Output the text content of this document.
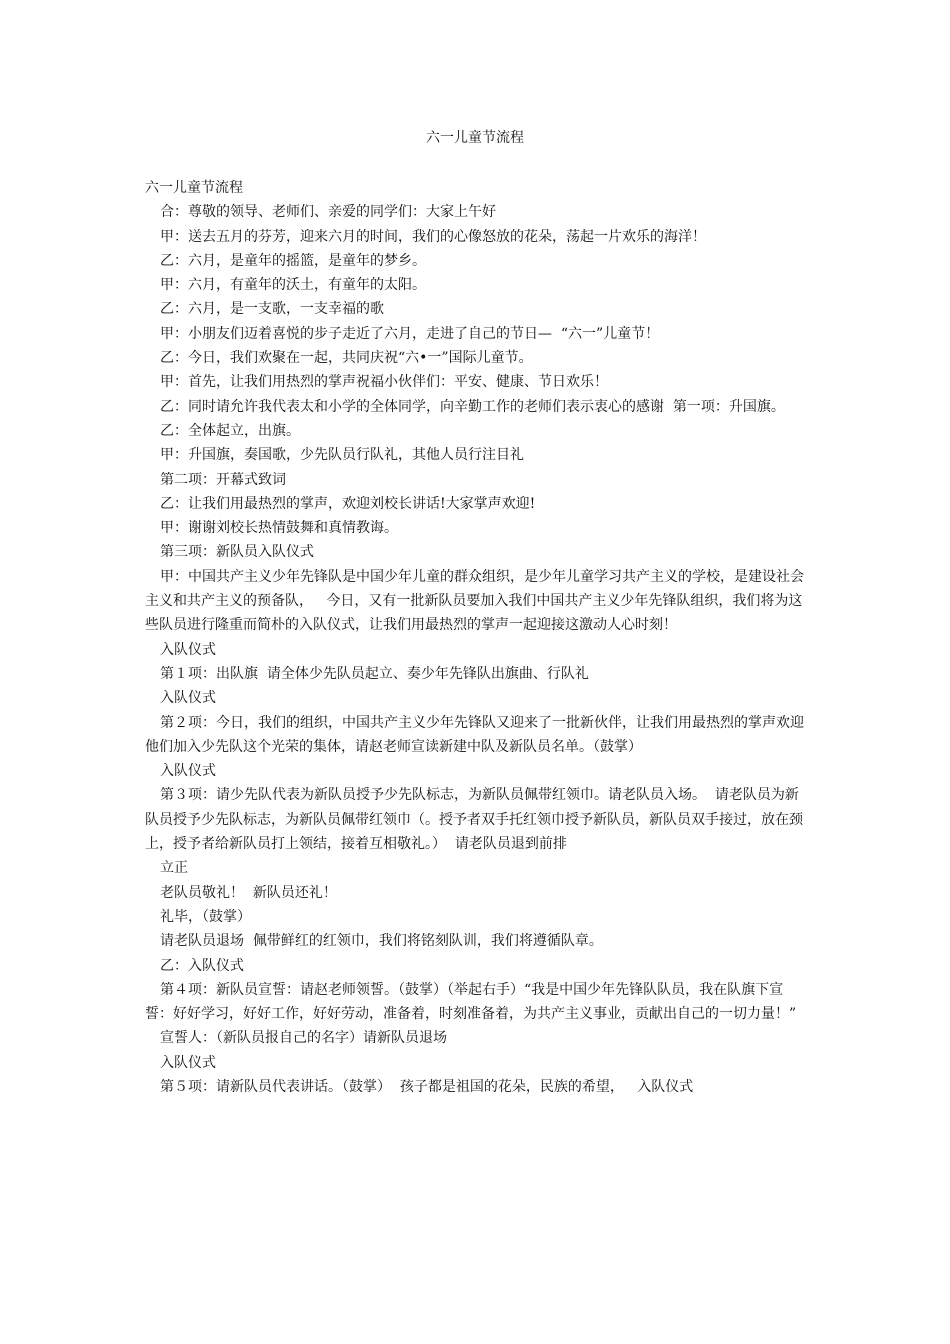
六一儿童节流程

六一儿童节流程

合：尊敬的领导、老师们、亲爱的同学们：大家上午好

甲：送去五月的芬芳，迎来六月的时间，我们的心像怒放的花朵，荡起一片欢乐的海洋！

乙：六月，是童年的摇篮，是童年的梦乡。

甲：六月，有童年的沃土，有童年的太阳。

乙：六月，是一支歌，一支幸福的歌

甲：小朋友们迈着喜悦的步子走近了六月，走进了自己的节日—  “六一”儿童节！

乙：今日，我们欢聚在一起，共同庆祝“六•一”国际儿童节。

甲：首先，让我们用热烈的掌声祝福小伙伴们：平安、健康、节日欢乐！

乙：同时请允许我代表太和小学的全体同学，向辛勤工作的老师们表示衷心的感谢  第一项：升国旗。

乙：全体起立，出旗。

甲：升国旗，奏国歌，少先队员行队礼，其他人员行注目礼

第二项：开幕式致词

乙：让我们用最热烈的掌声，欢迎刘校长讲话!大家掌声欢迎!

甲：谢谢刘校长热情鼓舞和真情教诲。

第三项：新队员入队仪式

甲：中国共产主义少年先锋队是中国少年儿童的群众组织，是少年儿童学习共产主义的学校，是建设社会主义和共产主义的预备队，   今日，又有一批新队员要加入我们中国共产主义少年先锋队组织，我们将为这些队员进行隆重而简朴的入队仪式，让我们用最热烈的掌声一起迎接这激动人心时刻！

入队仪式

第１项：出队旗  请全体少先队员起立、奏少年先锋队出旗曲、行队礼

入队仪式

第２项：今日，我们的组织，中国共产主义少年先锋队又迎来了一批新伙伴，让我们用最热烈的掌声欢迎他们加入少先队这个光荣的集体，请赵老师宣读新建中队及新队员名单。（鼓掌）

入队仪式

第３项：请少先队代表为新队员授予少先队标志，为新队员佩带红领巾。请老队员入场。  请老队员为新队员授予少先队标志，为新队员佩带红领巾（。授予者双手托红领巾授予新队员，新队员双手接过，放在颈上，授予者给新队员打上领结，接着互相敬礼。）  请老队员退到前排

立正

老队员敬礼！  新队员还礼！

礼毕，（鼓掌）

请老队员退场  佩带鲜红的红领巾，我们将铭刻队训，我们将遵循队章。

乙：入队仪式

第４项：新队员宣誓：请赵老师领誓。（鼓掌）（举起右手）“我是中国少年先锋队队员，我在队旗下宣誓：好好学习，好好工作，好好劳动，准备着，时刻准备着，为共产主义事业，贡献出自己的一切力量！”

宣誓人：（新队员报自己的名字）请新队员退场

入队仪式

第５项：请新队员代表讲话。（鼓掌）  孩子都是祖国的花朵，民族的希望，   入队仪式
